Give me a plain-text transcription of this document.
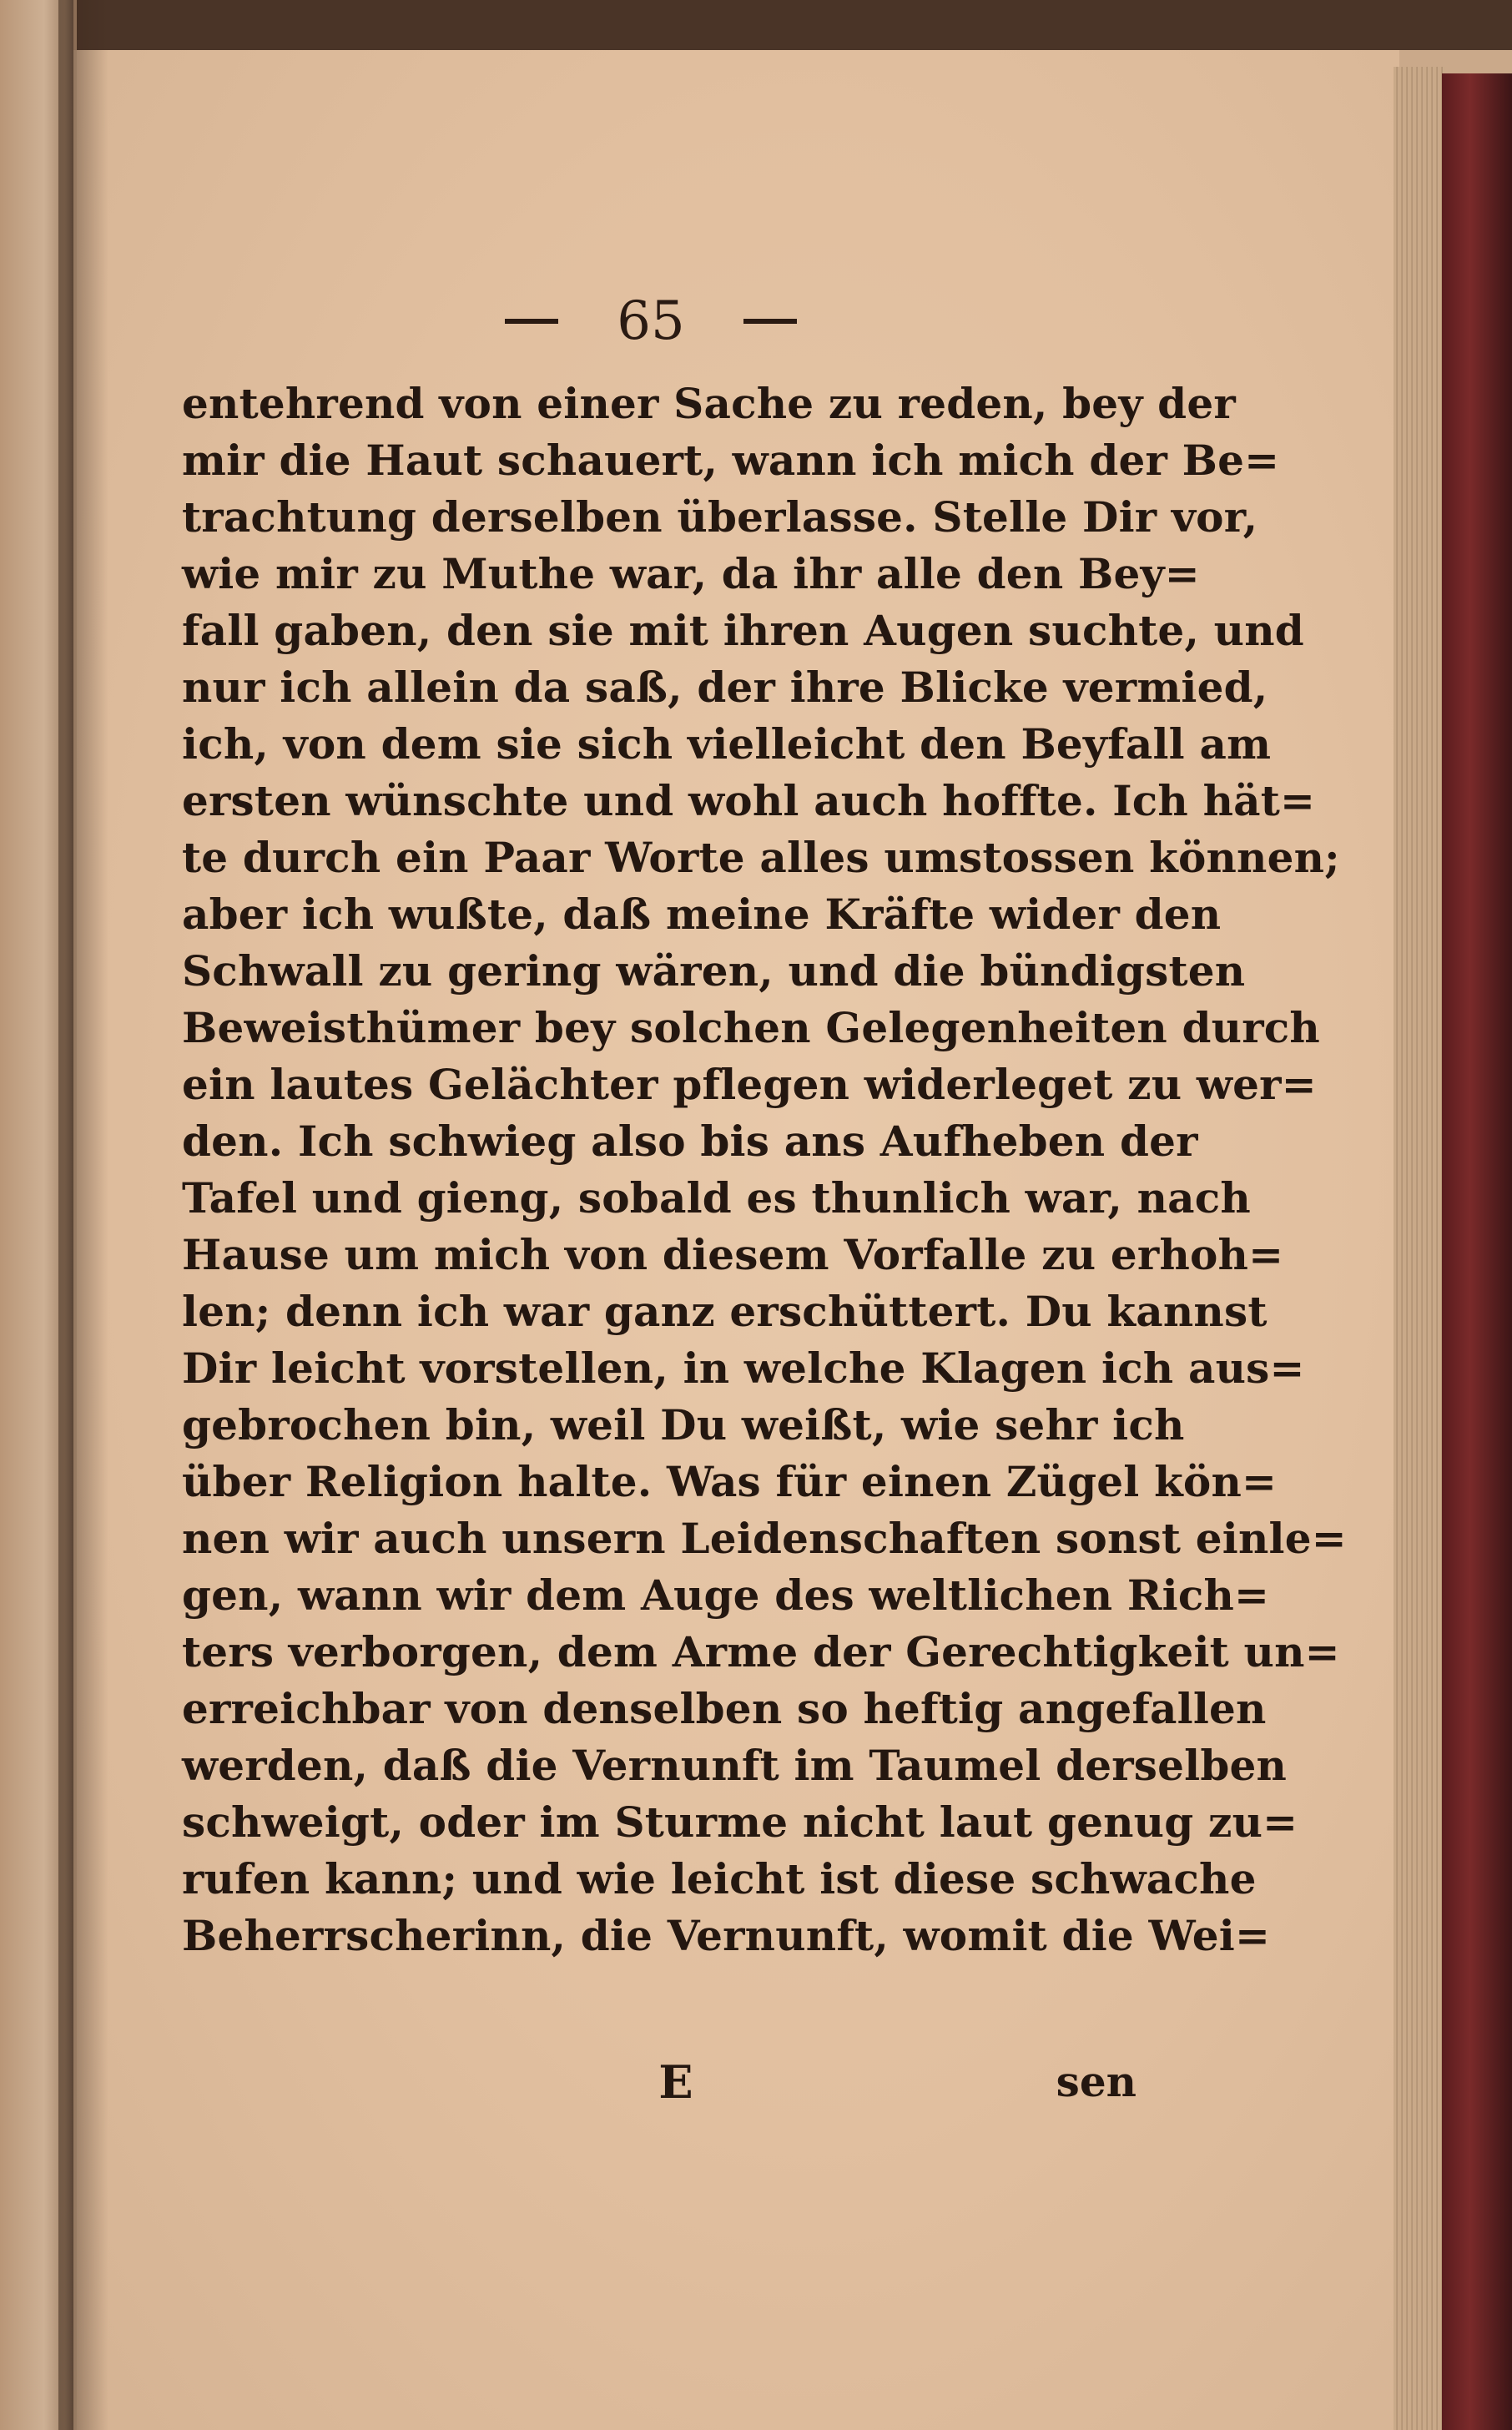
65
entehrend von einer Sache zu reden, bey der
mir die Haut schauert, wann ich mich der Be=
trachtung derselben überlasse. Stelle Dir vor,
wie mir zu Muthe war, da ihr alle den Bey=
fall gaben, den sie mit ihren Augen suchte, und
nur ich allein da saß, der ihre Blicke vermied,
ich, von dem sie sich vielleicht den Beyfall am
ersten wünschte und wohl auch hoffte. Ich hät=
te durch ein Paar Worte alles umstossen können;
aber ich wußte, daß meine Kräfte wider den
Schwall zu gering wären, und die bündigsten
Beweisthümer bey solchen Gelegenheiten durch
ein lautes Gelächter pflegen widerleget zu wer=
den. Ich schwieg also bis ans Aufheben der
Tafel und gieng, sobald es thunlich war, nach
Hause um mich von diesem Vorfalle zu erhoh=
len; denn ich war ganz erschüttert. Du kannst
Dir leicht vorstellen, in welche Klagen ich aus=
gebrochen bin, weil Du weißt, wie sehr ich
über Religion halte. Was für einen Zügel kön=
nen wir auch unsern Leidenschaften sonst einle=
gen, wann wir dem Auge des weltlichen Rich=
ters verborgen, dem Arme der Gerechtigkeit un=
erreichbar von denselben so heftig angefallen
werden, daß die Vernunft im Taumel derselben
schweigt, oder im Sturme nicht laut genug zu=
rufen kann; und wie leicht ist diese schwache
Beherrscherinn, die Vernunft, womit die Wei=
E	sen
